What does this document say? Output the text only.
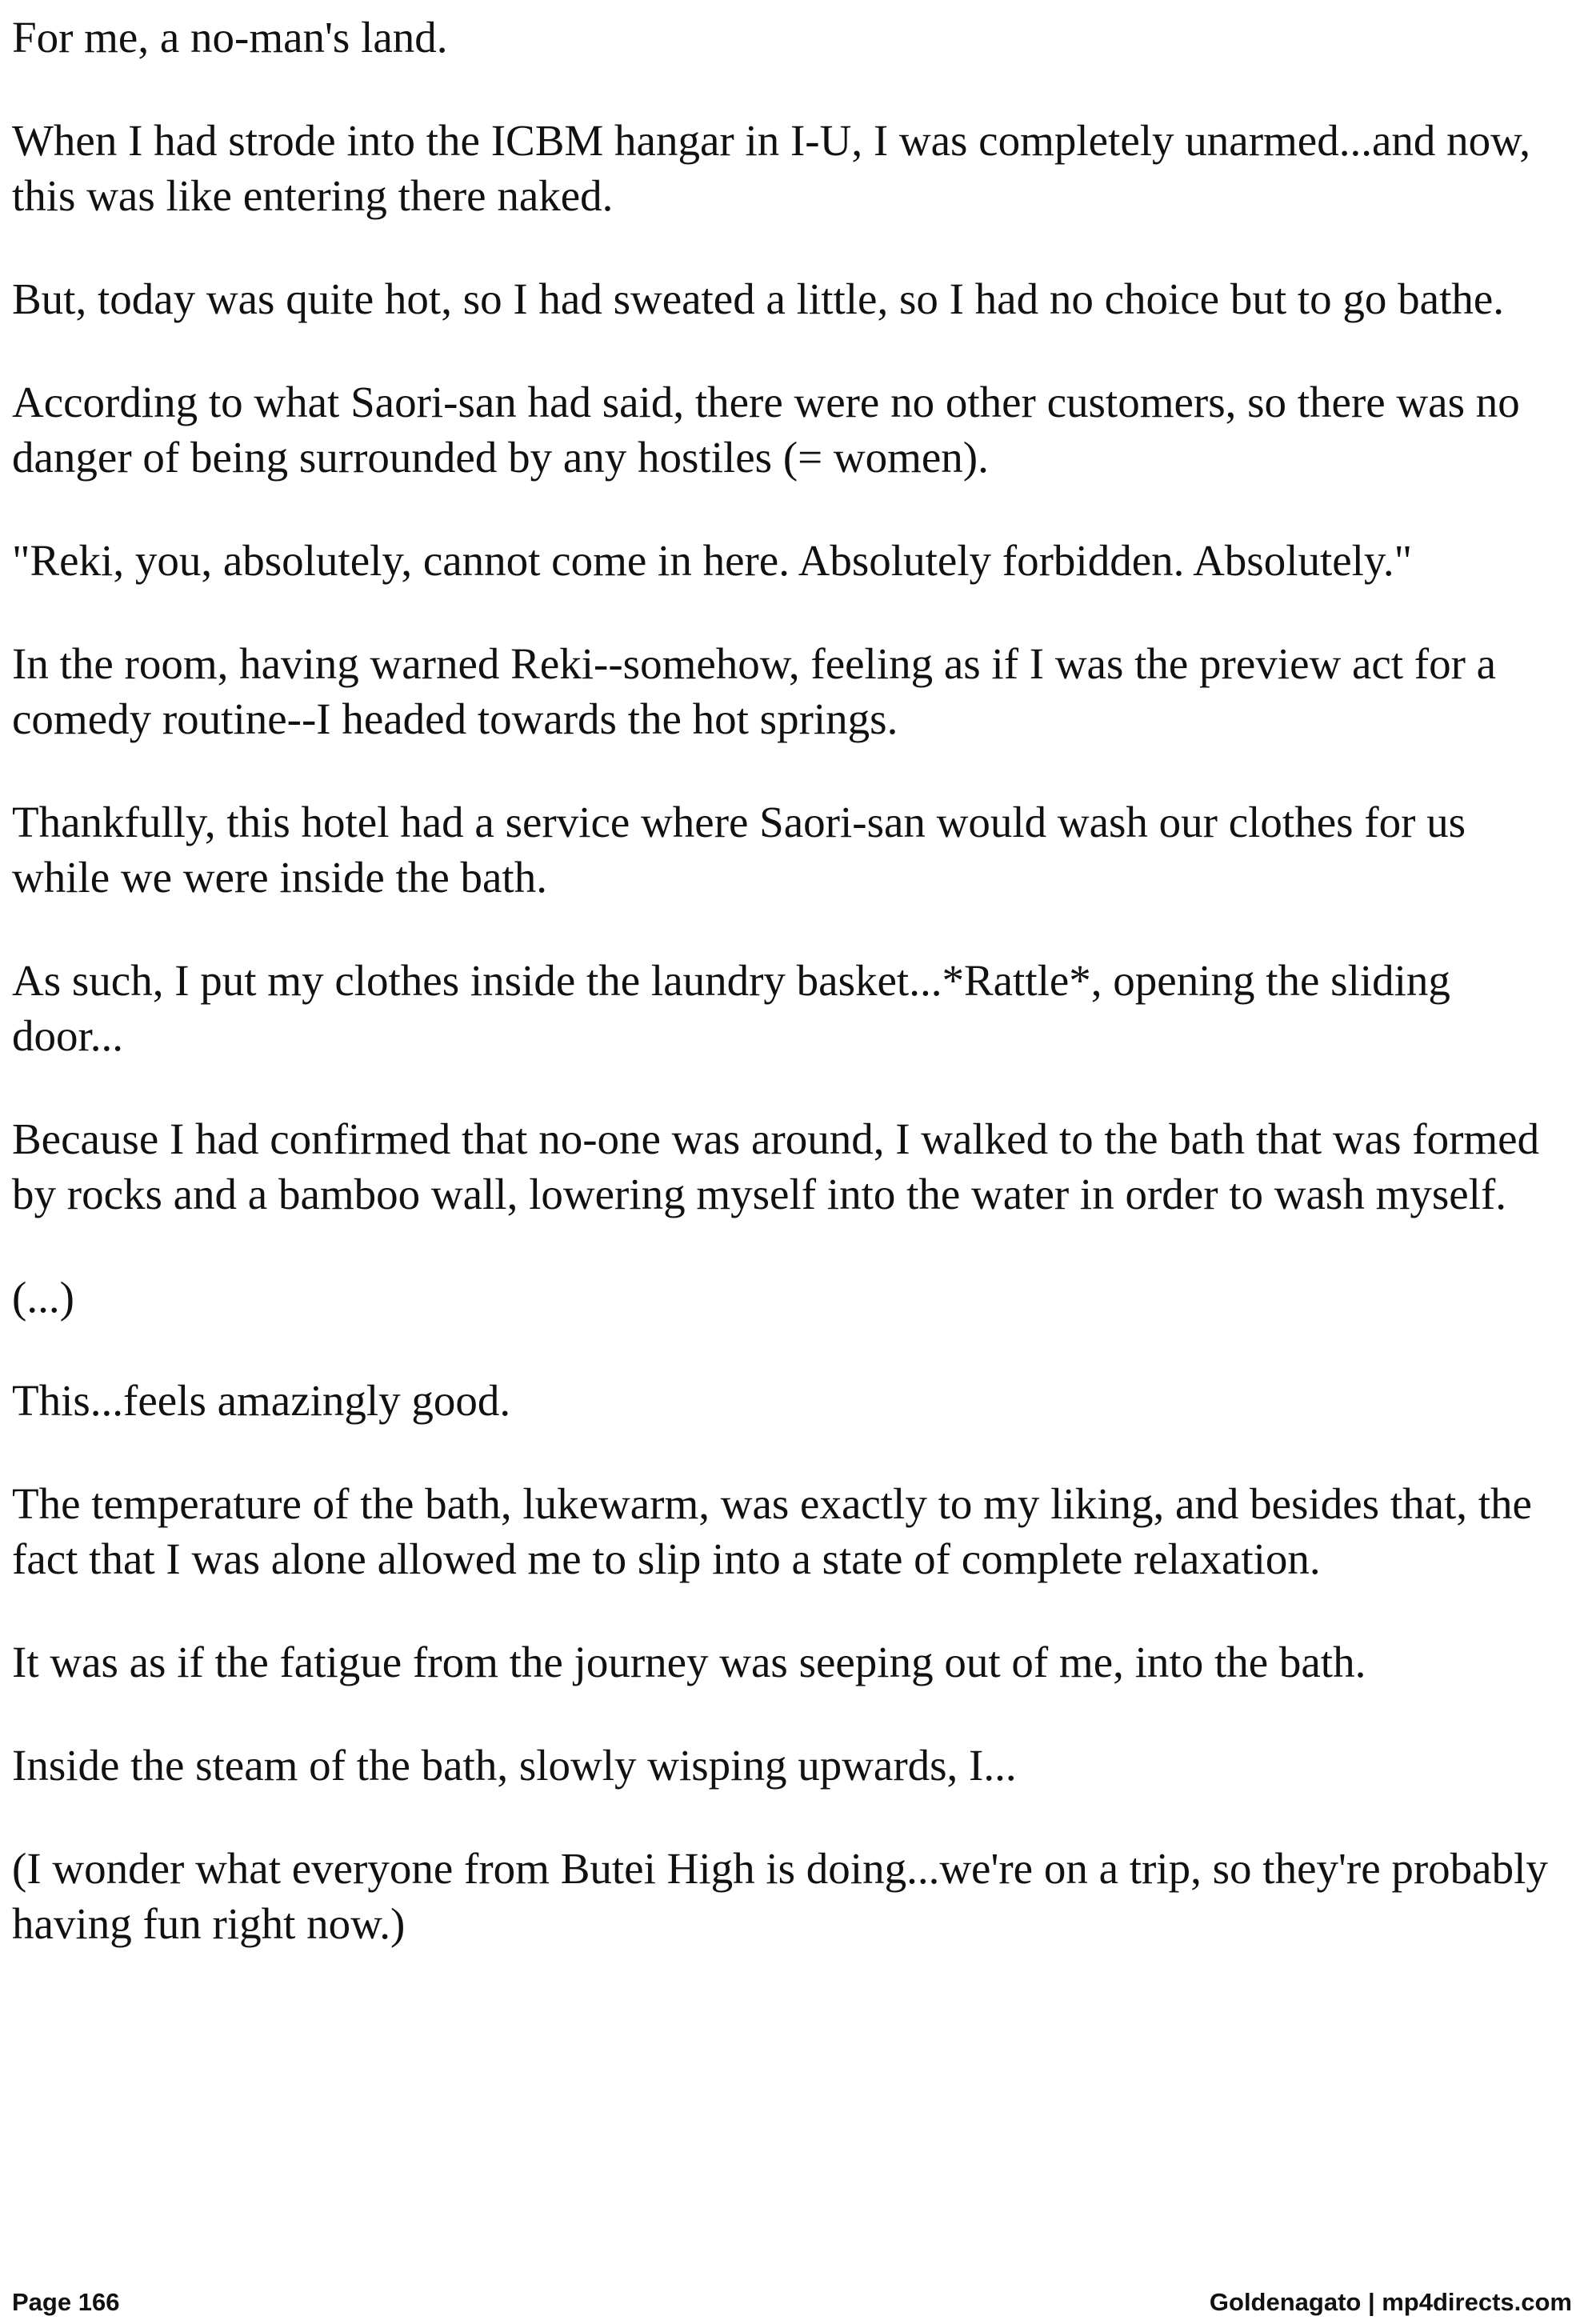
For me, a no-man's land.

When I had strode into the ICBM hangar in I-U, I was completely unarmed...and now, this was like entering there naked.

But, today was quite hot, so I had sweated a little, so I had no choice but to go bathe.

According to what Saori-san had said, there were no other customers, so there was no danger of being surrounded by any hostiles (= women).

"Reki, you, absolutely, cannot come in here. Absolutely forbidden. Absolutely."

In the room, having warned Reki--somehow, feeling as if I was the preview act for a comedy routine--I headed towards the hot springs.

Thankfully, this hotel had a service where Saori-san would wash our clothes for us while we were inside the bath.

As such, I put my clothes inside the laundry basket...*Rattle*, opening the sliding door...

Because I had confirmed that no-one was around, I walked to the bath that was formed by rocks and a bamboo wall, lowering myself into the water in order to wash myself.

(...)

This...feels amazingly good.

The temperature of the bath, lukewarm, was exactly to my liking, and besides that, the fact that I was alone allowed me to slip into a state of complete relaxation.

It was as if the fatigue from the journey was seeping out of me, into the bath.

Inside the steam of the bath, slowly wisping upwards, I...

(I wonder what everyone from Butei High is doing...we're on a trip, so they're probably having fun right now.)

Page 166	Goldenagato | mp4directs.com
